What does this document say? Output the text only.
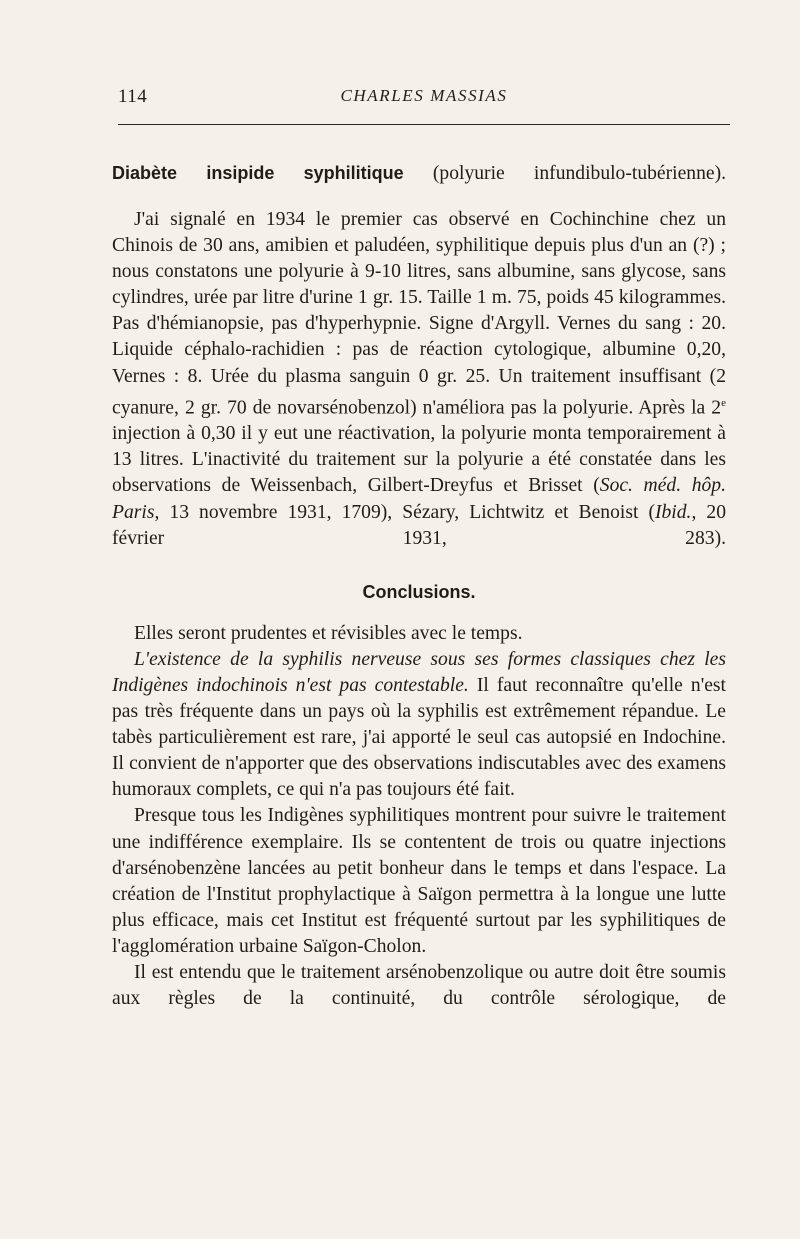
114	CHARLES MASSIAS
Diabète insipide syphilitique (polyurie infundibulo-tubérienne).

J'ai signalé en 1934 le premier cas observé en Cochinchine chez un Chinois de 30 ans, amibien et paludéen, syphilitique depuis plus d'un an (?) ; nous constatons une polyurie à 9-10 litres, sans albumine, sans glycose, sans cylindres, urée par litre d'urine 1 gr. 15. Taille 1 m. 75, poids 45 kilogrammes. Pas d'hémianopsie, pas d'hyperhypnie. Signe d'Argyll. Vernes du sang : 20. Liquide céphalo-rachidien : pas de réaction cytologique, albumine 0,20, Vernes : 8. Urée du plasma sanguin 0 gr. 25. Un traitement insuffisant (2 cyanure, 2 gr. 70 de novarsénobenzol) n'améliora pas la polyurie. Après la 2e injection à 0,30 il y eut une réactivation, la polyurie monta temporairement à 13 litres. L'inactivité du traitement sur la polyurie a été constatée dans les observations de Weissenbach, Gilbert-Dreyfus et Brisset (Soc. méd. hôp. Paris, 13 novembre 1931, 1709), Sézary, Lichtwitz et Benoist (Ibid., 20 février 1931, 283).

Conclusions.

Elles seront prudentes et révisibles avec le temps.

L'existence de la syphilis nerveuse sous ses formes classiques chez les Indigènes indochinois n'est pas contestable. Il faut reconnaître qu'elle n'est pas très fréquente dans un pays où la syphilis est extrêmement répandue. Le tabès particulièrement est rare, j'ai apporté le seul cas autopsié en Indochine. Il convient de n'apporter que des observations indiscutables avec des examens humoraux complets, ce qui n'a pas toujours été fait.

Presque tous les Indigènes syphilitiques montrent pour suivre le traitement une indifférence exemplaire. Ils se contentent de trois ou quatre injections d'arsénobenzène lancées au petit bonheur dans le temps et dans l'espace. La création de l'Institut prophylactique à Saïgon permettra à la longue une lutte plus efficace, mais cet Institut est fréquenté surtout par les syphilitiques de l'agglomération urbaine Saïgon-Cholon.

Il est entendu que le traitement arsénobenzolique ou autre doit être soumis aux règles de la continuité, du contrôle sérologique, de
